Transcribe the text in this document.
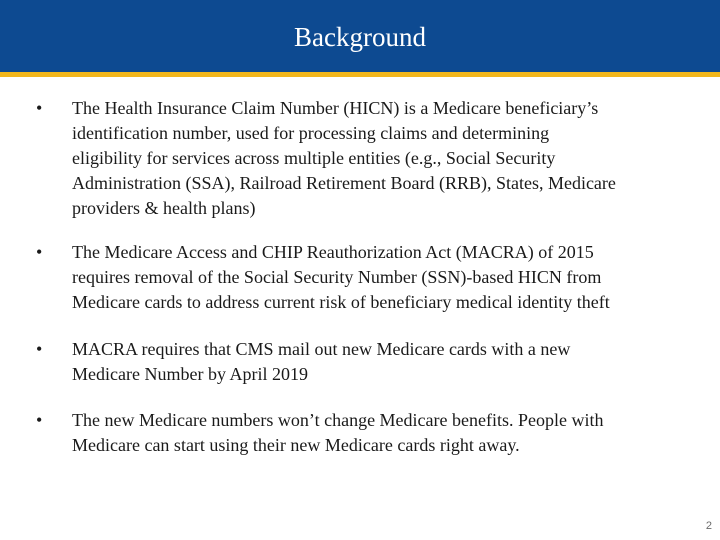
Background
•	The Health Insurance Claim Number (HICN) is a Medicare beneficiary’s
identification number, used for processing claims and determining
eligibility for services across multiple entities (e.g., Social Security
Administration (SSA), Railroad Retirement Board (RRB), States, Medicare
providers & health plans)
•	The Medicare Access and CHIP Reauthorization Act (MACRA) of 2015
requires removal of the Social Security Number (SSN)-based HICN from
Medicare cards to address current risk of beneficiary medical identity theft
•	MACRA requires that CMS mail out new Medicare cards with a new
Medicare Number by April 2019
•	The new Medicare numbers won’t change Medicare benefits. People with
Medicare can start using their new Medicare cards right away.
2
